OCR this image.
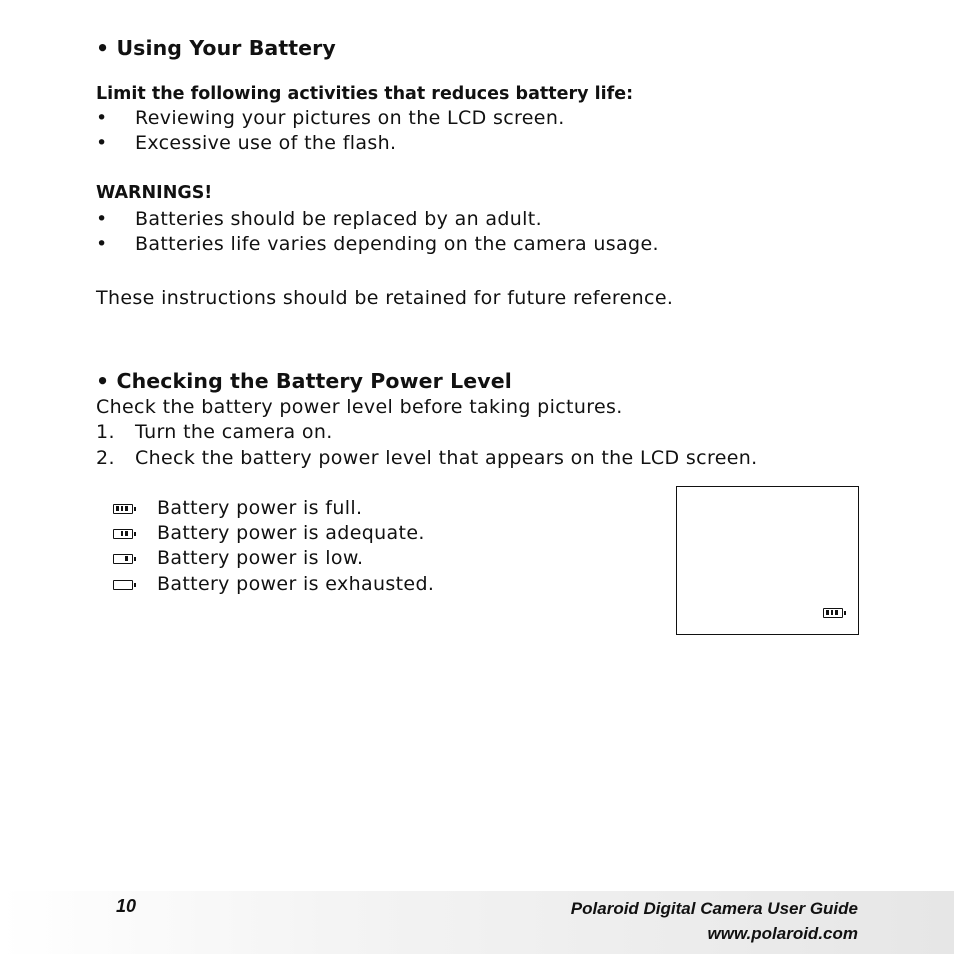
• Using Your Battery
Limit the following activities that reduces battery life:
• Reviewing your pictures on the LCD screen.
• Excessive use of the flash.
WARNINGS!
• Batteries should be replaced by an adult.
• Batteries life varies depending on the camera usage.
These instructions should be retained for future reference.
• Checking the Battery Power Level
Check the battery power level before taking pictures.
1. Turn the camera on.
2. Check the battery power level that appears on the LCD screen.
Battery power is full.
Battery power is adequate.
Battery power is low.
Battery power is exhausted.
10	Polaroid Digital Camera User Guide
www.polaroid.com
